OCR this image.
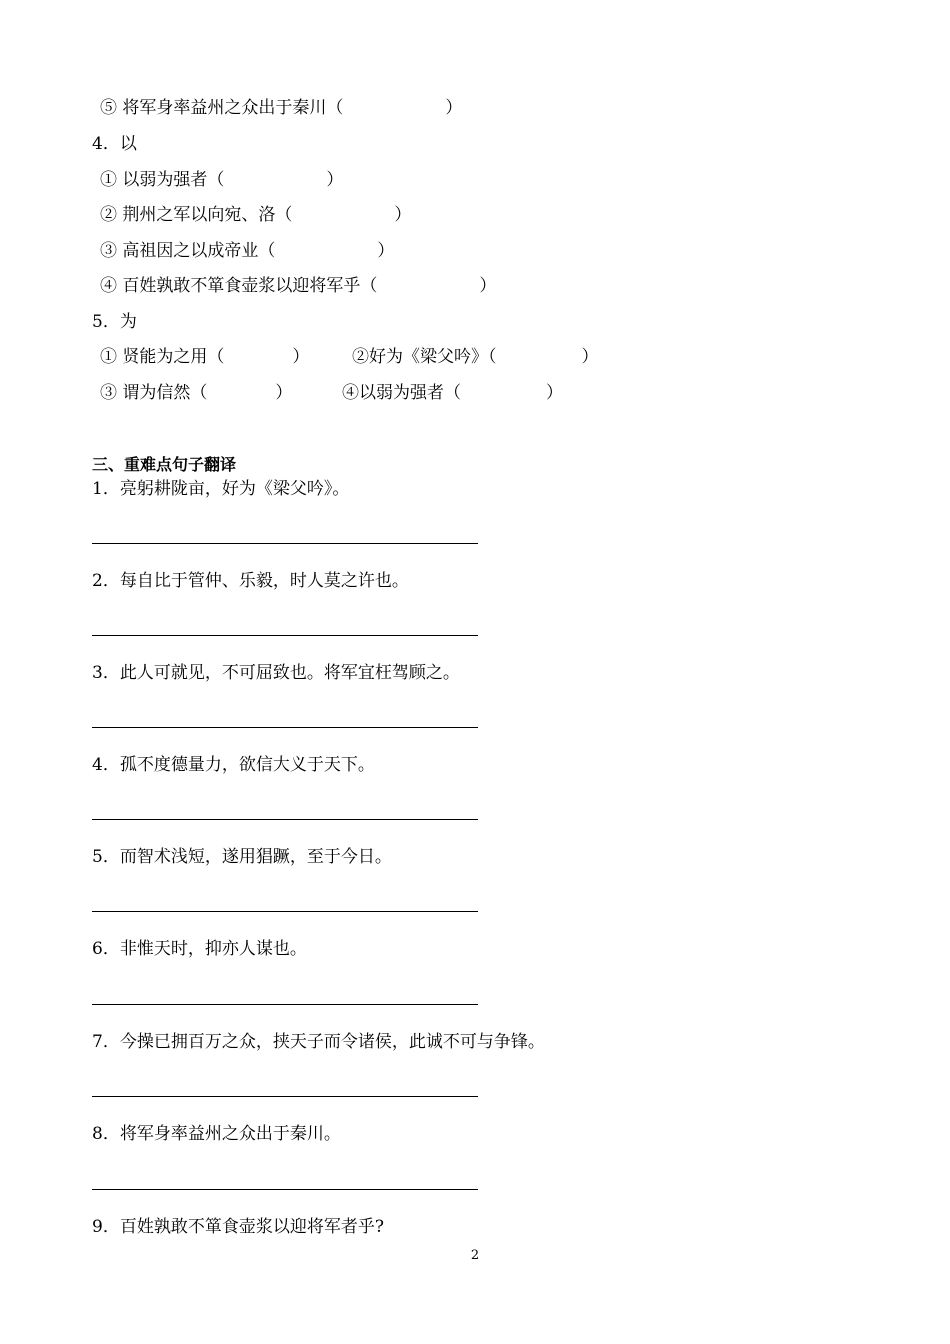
⑤ 将军身率益州之众出于秦川（　　　　　　）
4．以
① 以弱为强者（　　　　　　）
② 荆州之军以向宛、洛（　　　　　　）
③ 高祖因之以成帝业（　　　　　　）
④ 百姓孰敢不箪食壶浆以迎将军乎（　　　　　　）
5．为
① 贤能为之用（　　　　）	②好为《梁父吟》（　　　　　）
③ 谓为信然（　　　　）	④以弱为强者（　　　　　）
三、重难点句子翻译
1．亮躬耕陇亩，好为《梁父吟》。
2．每自比于管仲、乐毅，时人莫之许也。
3．此人可就见，不可屈致也。将军宜枉驾顾之。
4．孤不度德量力，欲信大义于天下。
5．而智术浅短，遂用猖蹶，至于今日。
6．非惟天时，抑亦人谋也。
7．今操已拥百万之众，挟天子而令诸侯，此诚不可与争锋。
8．将军身率益州之众出于秦川。
9．百姓孰敢不箪食壶浆以迎将军者乎?
2
